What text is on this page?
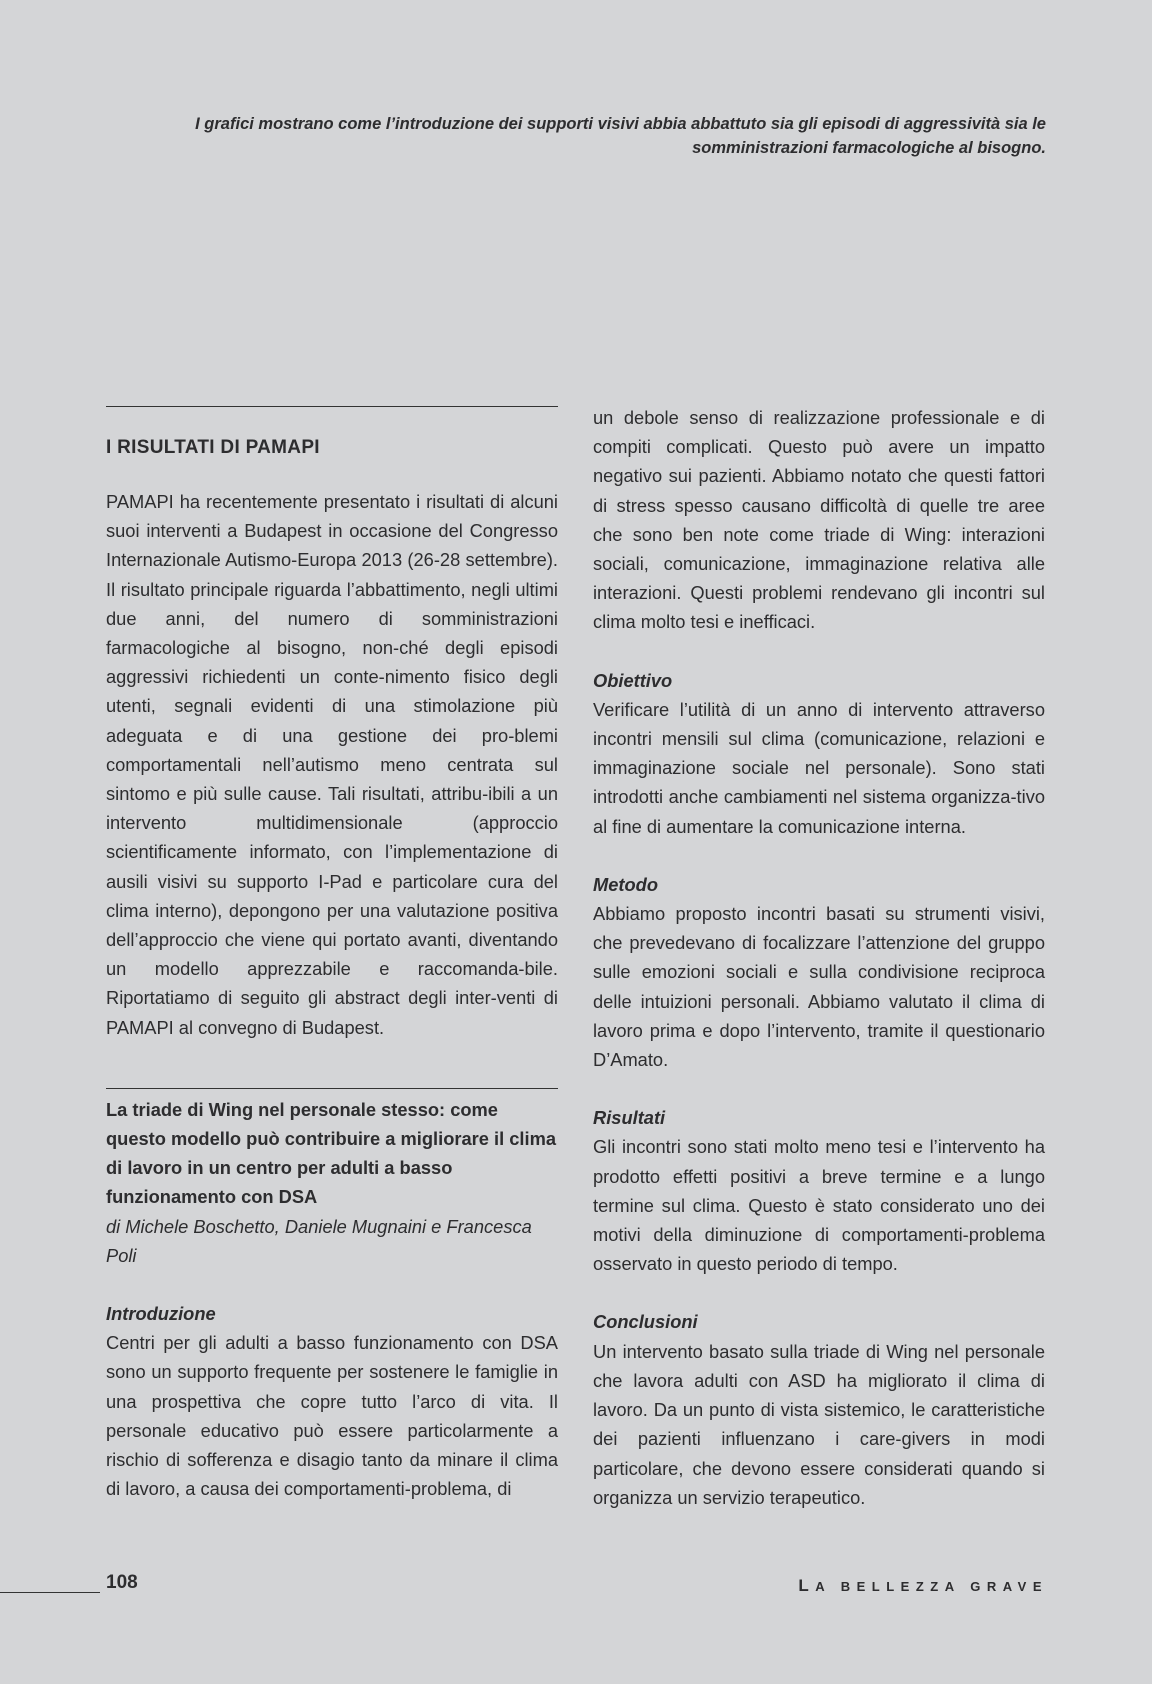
I grafici mostrano come l’introduzione dei supporti visivi abbia abbattuto sia gli episodi di aggressività sia le somministrazioni farmacologiche al bisogno.
I RISULTATI DI PAMAPI

PAMAPI ha recentemente presentato i risultati di alcuni suoi interventi a Budapest in occasione del Congresso Internazionale Autismo-Europa 2013 (26-28 settembre). Il risultato principale riguarda l’abbattimento, negli ultimi due anni, del numero di somministrazioni farmacologiche al bisogno, non-ché degli episodi aggressivi richiedenti un conte-nimento fisico degli utenti, segnali evidenti di una stimolazione più adeguata e di una gestione dei pro-blemi comportamentali nell’autismo meno centrata sul sintomo e più sulle cause. Tali risultati, attribu-ibili a un intervento multidimensionale (approccio scientificamente informato, con l’implementazione di ausili visivi su supporto I-Pad e particolare cura del clima interno), depongono per una valutazione positiva dell’approccio che viene qui portato avanti, diventando un modello apprezzabile e raccomanda-bile. Riportatiamo di seguito gli abstract degli inter-venti di PAMAPI al convegno di Budapest.

La triade di Wing nel personale stesso: come questo modello può contribuire a migliorare il clima di lavoro in un centro per adulti a basso funzionamento con DSA

di Michele Boschetto, Daniele Mugnaini e Francesca Poli

Introduzione

Centri per gli adulti a basso funzionamento con DSA sono un supporto frequente per sostenere le famiglie in una prospettiva che copre tutto l’arco di vita. Il personale educativo può essere particolarmente a rischio di sofferenza e disagio tanto da minare il clima di lavoro, a causa dei comportamenti-problema, di

un debole senso di realizzazione professionale e di compiti complicati. Questo può avere un impatto negativo sui pazienti. Abbiamo notato che questi fattori di stress spesso causano difficoltà di quelle tre aree che sono ben note come triade di Wing: interazioni sociali, comunicazione, immaginazione relativa alle interazioni. Questi problemi rendevano gli incontri sul clima molto tesi e inefficaci.

Obiettivo

Verificare l’utilità di un anno di intervento attraverso incontri mensili sul clima (comunicazione, relazioni e immaginazione sociale nel personale). Sono stati introdotti anche cambiamenti nel sistema organizza-tivo al fine di aumentare la comunicazione interna.

Metodo

Abbiamo proposto incontri basati su strumenti visivi, che prevedevano di focalizzare l’attenzione del gruppo sulle emozioni sociali e sulla condivisione reciproca delle intuizioni personali. Abbiamo valutato il clima di lavoro prima e dopo l’intervento, tramite il questionario D’Amato.

Risultati

Gli incontri sono stati molto meno tesi e l’intervento ha prodotto effetti positivi a breve termine e a lungo termine sul clima. Questo è stato considerato uno dei motivi della diminuzione di comportamenti-problema osservato in questo periodo di tempo.

Conclusioni

Un intervento basato sulla triade di Wing nel personale che lavora adulti con ASD ha migliorato il clima di lavoro. Da un punto di vista sistemico, le caratteristiche dei pazienti influenzano i care-givers in modi particolare, che devono essere considerati quando si organizza un servizio terapeutico.

108	LA BELLEZZA GRAVE
